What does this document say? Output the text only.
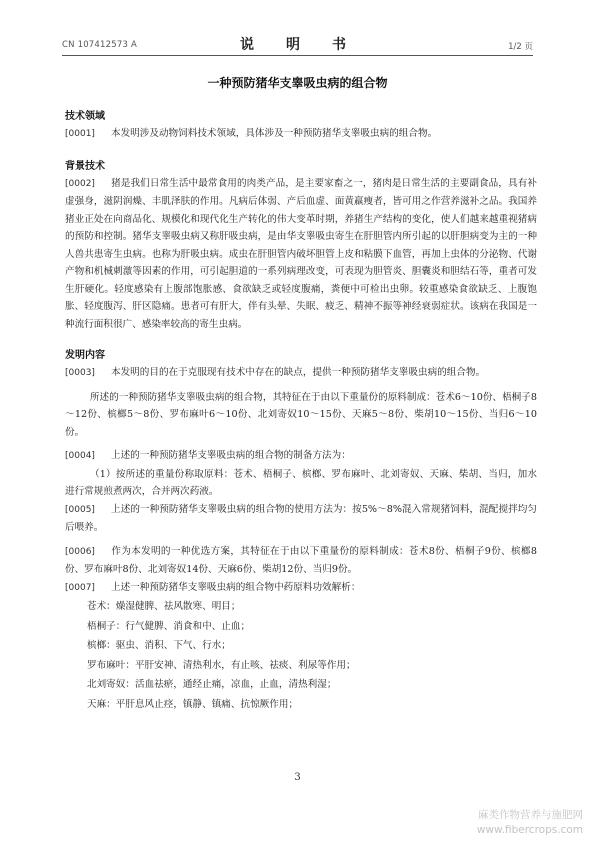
CN 107412573 A	说　明　书	1/2 页
一种预防猪华支睾吸虫病的组合物
技术领域

[0001] 本发明涉及动物饲料技术领域，具体涉及一种预防猪华支睾吸虫病的组合物。

背景技术

[0002] 猪是我们日常生活中最常食用的肉类产品，是主要家畜之一，猪肉是日常生活的主要副食品，具有补虚强身，滋阴润燥、丰肌泽肤的作用。凡病后体弱、产后血虚、面黄羸瘦者，皆可用之作营养滋补之品。我国养猪业正处在向商品化、规模化和现代化生产转化的伟大变革时期，养猪生产结构的变化，使人们越来越重视猪病的预防和控制。猪华支睾吸虫病又称肝吸虫病，是由华支睾吸虫寄生在肝胆管内所引起的以肝胆病变为主的一种人兽共患寄生虫病。也称为肝吸虫病。成虫在肝胆管内破坏胆管上皮和粘膜下血管，再加上虫体的分泌物、代谢产物和机械刺激等因素的作用，可引起胆道的一系列病理改变，可表现为胆管炎、胆囊炎和胆结石等，重者可发生肝硬化。轻度感染有上腹部饱胀感、食欲缺乏或轻度腹痛，粪便中可检出虫卵。较重感染食欲缺乏、上腹饱胀、轻度腹泻、肝区隐痛。患者可有肝大，伴有头晕、失眠、疲乏、精神不振等神经衰弱症状。该病在我国是一种流行面积很广、感染率较高的寄生虫病。

发明内容

[0003] 本发明的目的在于克服现有技术中存在的缺点，提供一种预防猪华支睾吸虫病的组合物。

所述的一种预防猪华支睾吸虫病的组合物，其特征在于由以下重量份的原料制成：苍术6～10份、梧桐子8～12份、槟榔5～8份、罗布麻叶6～10份、北刘寄奴10～15份、天麻5～8份、柴胡10～15份、当归6～10份。

[0004] 上述的一种预防猪华支睾吸虫病的组合物的制备方法为：

（1）按所述的重量份称取原料：苍术、梧桐子、槟榔、罗布麻叶、北刘寄奴、天麻、柴胡、当归，加水进行常规煎煮两次，合并两次药液。

[0005] 上述的一种预防猪华支睾吸虫病的组合物的使用方法为：按5%～8%混入常规猪饲料，混配搅拌均匀后喂养。

[0006] 作为本发明的一种优选方案，其特征在于由以下重量份的原料制成：苍术8份、梧桐子9份、槟榔8份、罗布麻叶8份、北刘寄奴14份、天麻6份、柴胡12份、当归9份。

[0007] 上述一种预防猪华支睾吸虫病的组合物中药原料功效解析：

苍术：燥湿健脾、祛风散寒、明目；

梧桐子：行气健脾、消食和中、止血；

槟榔：驱虫、消积、下气、行水；

罗布麻叶：平肝安神、清热利水，有止咳、祛痰、利尿等作用；

北刘寄奴：活血祛瘀，通经止痛，凉血，止血，清热利湿；

天麻：平肝息风止痉，镇静、镇痛、抗惊厥作用；

3
麻类作物营养与施肥网
www.fibercrops.com
